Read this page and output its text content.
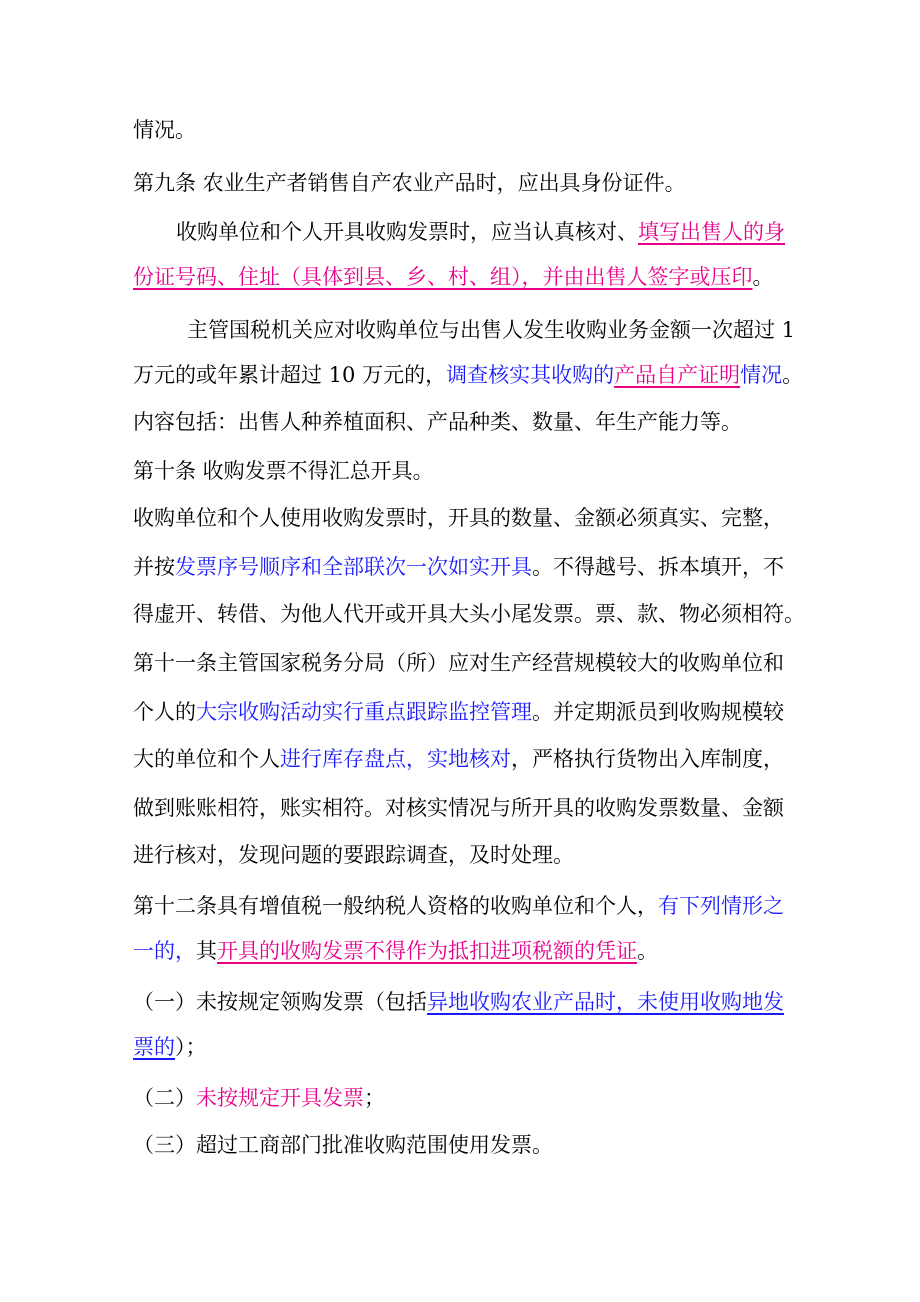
情况。
第九条 农业生产者销售自产农业产品时，应出具身份证件。
收购单位和个人开具收购发票时，应当认真核对、填写出售人的身
份证号码、住址（具体到县、乡、村、组），并由出售人签字或压印。
主管国税机关应对收购单位与出售人发生收购业务金额一次超过 1
万元的或年累计超过 10 万元的，调查核实其收购的产品自产证明情况。
内容包括：出售人种养植面积、产品种类、数量、年生产能力等。
第十条 收购发票不得汇总开具。
收购单位和个人使用收购发票时，开具的数量、金额必须真实、完整，
并按发票序号顺序和全部联次一次如实开具。不得越号、拆本填开，不
得虚开、转借、为他人代开或开具大头小尾发票。票、款、物必须相符。
第十一条主管国家税务分局（所）应对生产经营规模较大的收购单位和
个人的大宗收购活动实行重点跟踪监控管理。并定期派员到收购规模较
大的单位和个人进行库存盘点，实地核对，严格执行货物出入库制度，
做到账账相符，账实相符。对核实情况与所开具的收购发票数量、金额
进行核对，发现问题的要跟踪调查，及时处理。
第十二条具有增值税一般纳税人资格的收购单位和个人，有下列情形之
一的，其开具的收购发票不得作为抵扣进项税额的凭证。
（一）未按规定领购发票（包括异地收购农业产品时，未使用收购地发
票的）；
（二）未按规定开具发票；
（三）超过工商部门批准收购范围使用发票。
